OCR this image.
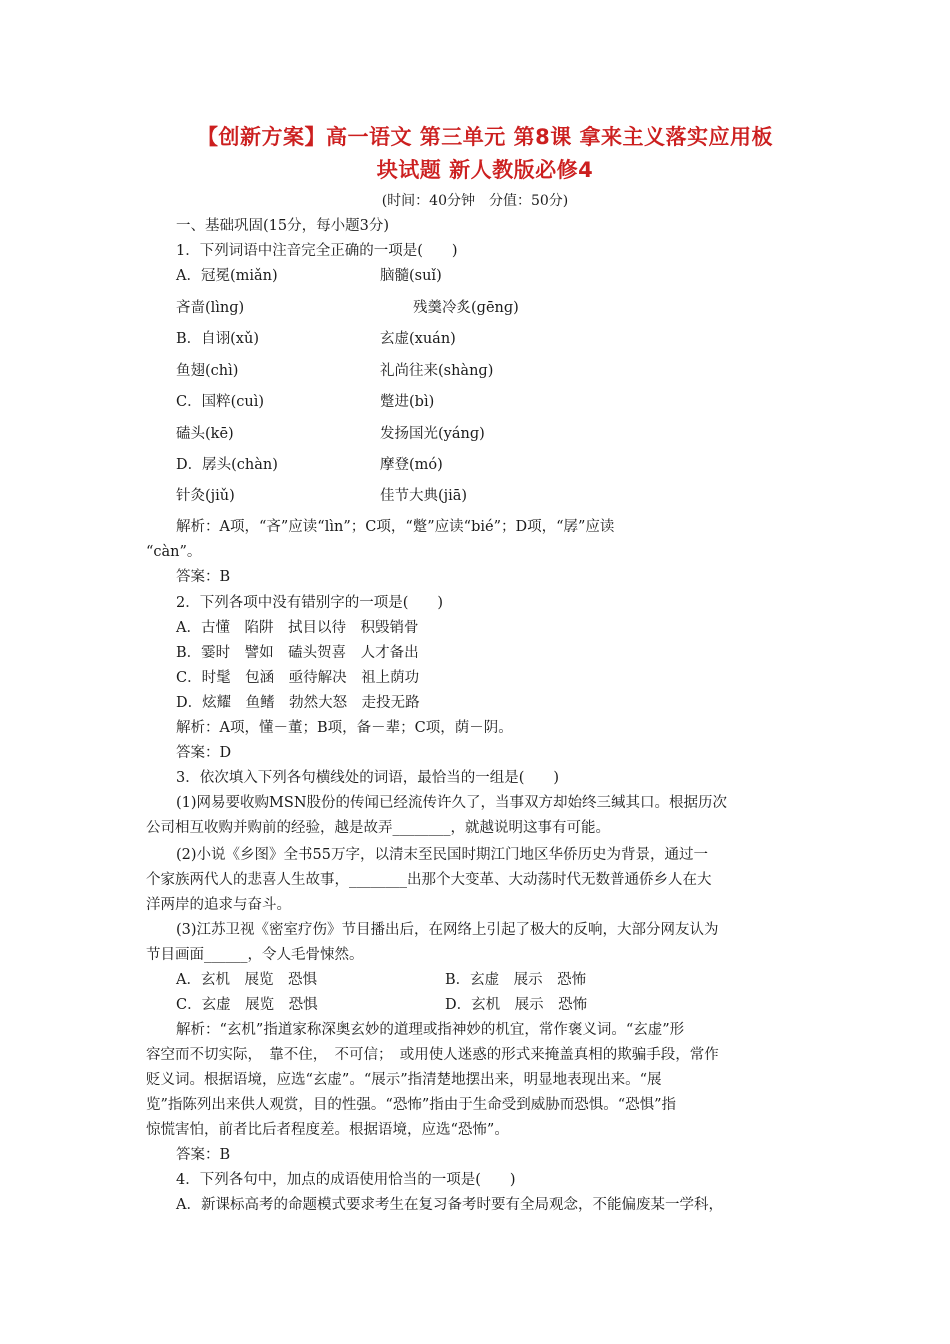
【创新方案】高一语文 第三单元 第8课 拿来主义落实应用板
块试题 新人教版必修4
(时间：40分钟　分值：50分)
一、基础巩固(15分，每小题3分)
1．下列词语中注音完全正确的一项是(　　)
A．冠冕(miǎn)	脑髓(suǐ)
吝啬(lìnɡ)	残羹冷炙(ɡēnɡ)
B．自诩(xǔ)	玄虚(xuán)
鱼翅(chì)	礼尚往来(shànɡ)
C．国粹(cuì)	蹩进(bì)
磕头(kē)	发扬国光(yánɡ)
D．孱头(chàn)	摩登(mó)
针灸(jiǔ)	佳节大典(jiā)
解析：A项，“吝”应读“lìn”；C项，“蹩”应读“bié”；D项，“孱”应读
“càn”。
答案：B
2．下列各项中没有错别字的一项是(　　)
A．古懂　陷阱　拭目以待　积毁销骨
B．霎时　譬如　磕头贺喜　人才备出
C．时髦　包涵　亟待解决　祖上荫功
D．炫耀　鱼鳍　勃然大怒　走投无路
解析：A项，懂－董；B项，备－辈；C项，荫－阴。
答案：D
3．依次填入下列各句横线处的词语，最恰当的一组是(　　)
(1)网易要收购MSN股份的传闻已经流传许久了，当事双方却始终三缄其口。根据历次
公司相互收购并购前的经验，越是故弄________，就越说明这事有可能。
(2)小说《乡图》全书55万字，以清末至民国时期江门地区华侨历史为背景，通过一
个家族两代人的悲喜人生故事，________出那个大变革、大动荡时代无数普通侨乡人在大
洋两岸的追求与奋斗。
(3)江苏卫视《密室疗伤》节目播出后，在网络上引起了极大的反响，大部分网友认为
节目画面______，令人毛骨悚然。
A．玄机　展览　恐惧	B．玄虚　展示　恐怖
C．玄虚　展览　恐惧	D．玄机　展示　恐怖
解析：“玄机”指道家称深奥玄妙的道理或指神妙的机宜，常作褒义词。“玄虚”形
容空而不切实际，　靠不住，　不可信；　或用使人迷惑的形式来掩盖真相的欺骗手段，常作
贬义词。根据语境，应选“玄虚”。“展示”指清楚地摆出来，明显地表现出来。“展
览”指陈列出来供人观赏，目的性强。“恐怖”指由于生命受到威胁而恐惧。“恐惧”指
惊慌害怕，前者比后者程度差。根据语境，应选“恐怖”。
答案：B
4．下列各句中，加点的成语使用恰当的一项是(　　)
A．新课标高考的命题模式要求考生在复习备考时要有全局观念，不能偏废某一学科，
